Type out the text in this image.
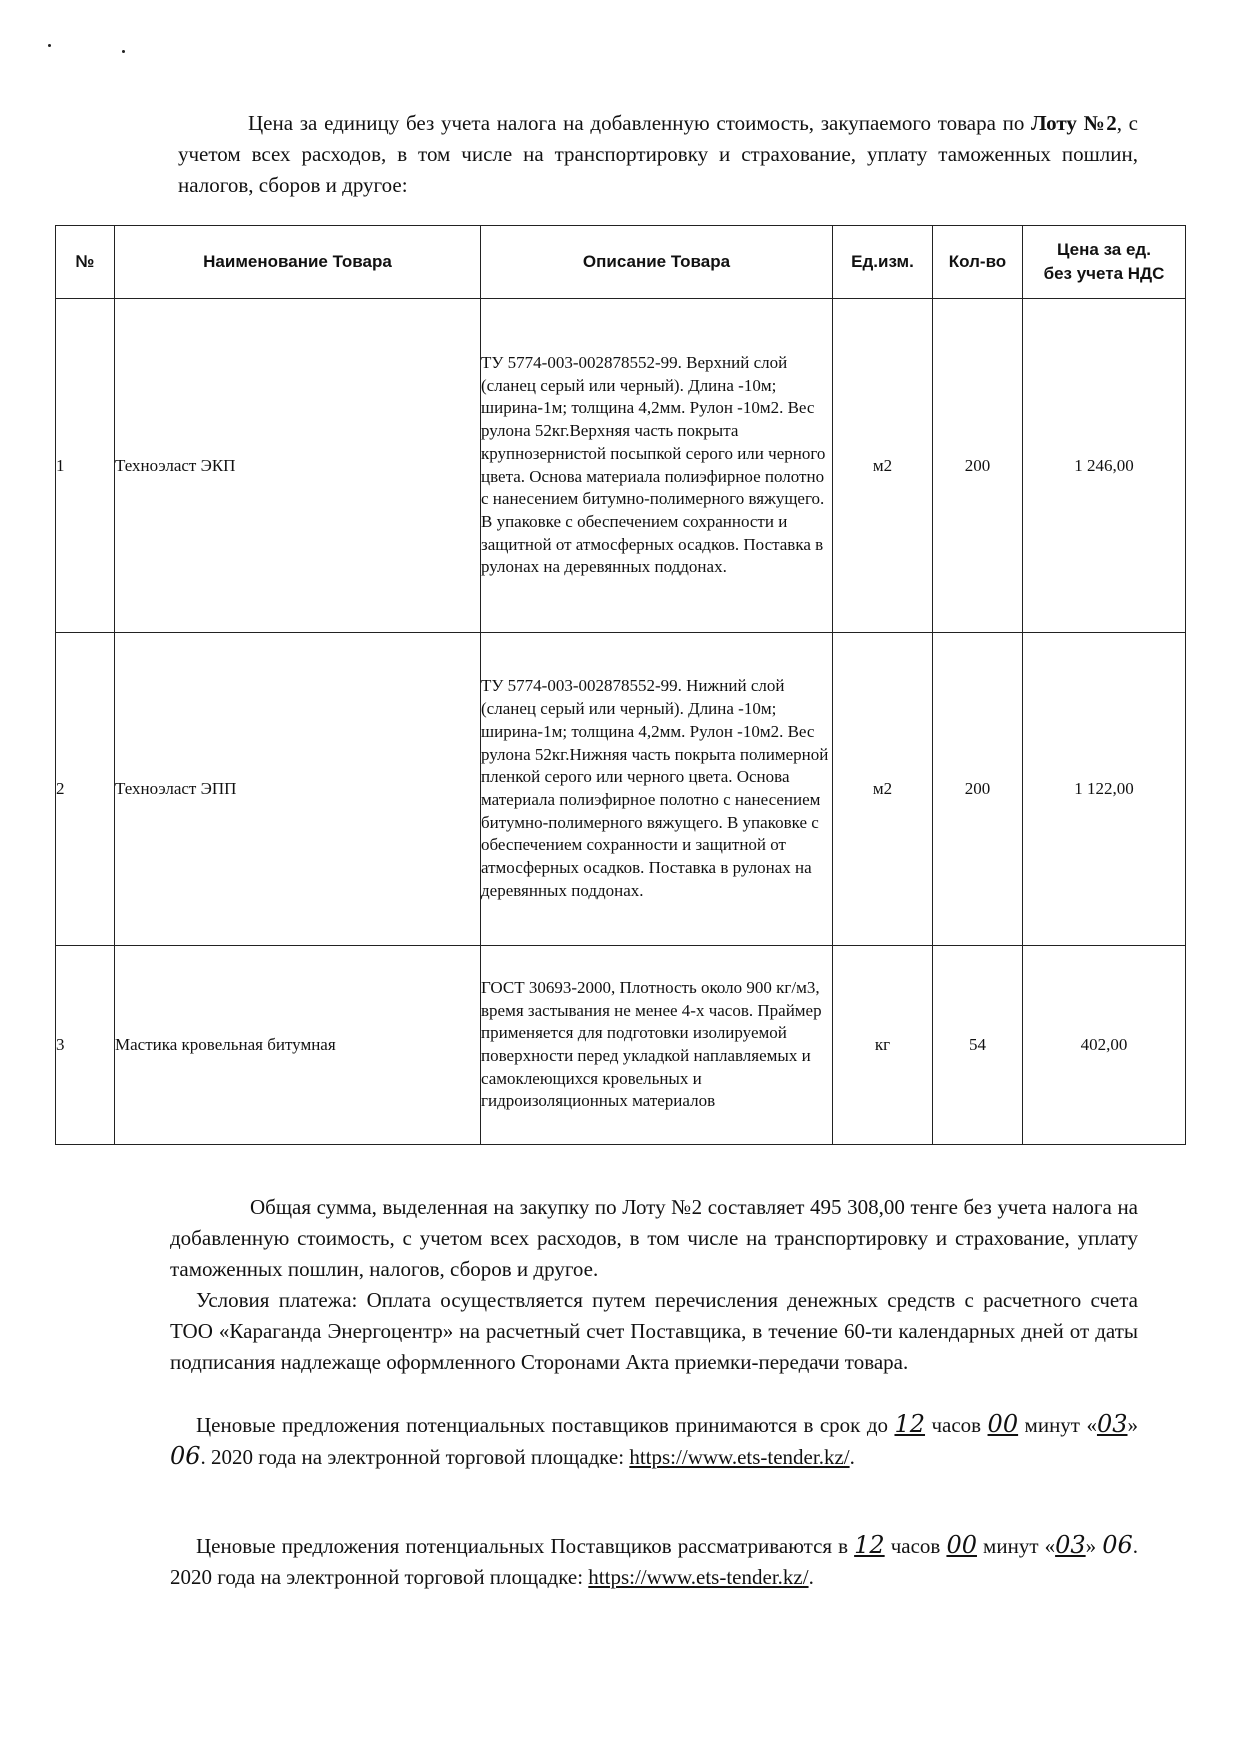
Цена за единицу без учета налога на добавленную стоимость, закупаемого товара по Лоту №2, с учетом всех расходов, в том числе на транспортировку и страхование, уплату таможенных пошлин, налогов, сборов и другое:

№	Наименование Товара	Описание Товара	Ед.изм.	Кол-во	Цена за ед. без учета НДС
1	Техноэласт ЭКП	ТУ 5774-003-002878552-99. Верхний слой (сланец серый или черный). Длина -10м; ширина-1м; толщина 4,2мм. Рулон -10м2. Вес рулона 52кг.Верхняя часть покрыта крупнозернистой посыпкой серого или черного цвета. Основа материала полиэфирное полотно с нанесением битумно-полимерного вяжущего. В упаковке с обеспечением сохранности и защитной от атмосферных осадков. Поставка в рулонах на деревянных поддонах.	м2	200	1 246,00
2	Техноэласт ЭПП	ТУ 5774-003-002878552-99. Нижний слой (сланец серый или черный). Длина -10м; ширина-1м; толщина 4,2мм. Рулон -10м2. Вес рулона 52кг.Нижняя часть покрыта полимерной пленкой серого или черного цвета. Основа материала полиэфирное полотно с нанесением битумно-полимерного вяжущего. В упаковке с обеспечением сохранности и защитной от атмосферных осадков. Поставка в рулонах на деревянных поддонах.	м2	200	1 122,00
3	Мастика кровельная битумная	ГОСТ 30693-2000, Плотность около 900 кг/м3, время застывания не менее 4-х часов. Праймер применяется для подготовки изолируемой поверхности перед укладкой наплавляемых и самоклеющихся кровельных и гидроизоляционных материалов	кг	54	402,00

Общая сумма, выделенная на закупку по Лоту №2 составляет 495 308,00 тенге без учета налога на добавленную стоимость, с учетом всех расходов, в том числе на транспортировку и страхование, уплату таможенных пошлин, налогов, сборов и другое.

Условия платежа: Оплата осуществляется путем перечисления денежных средств с расчетного счета ТОО «Караганда Энергоцентр» на расчетный счет Поставщика, в течение 60-ти календарных дней от даты подписания надлежаще оформленного Сторонами Акта приемки-передачи товара.

Ценовые предложения потенциальных поставщиков принимаются в срок до 12 часов 00 минут «03» 06. 2020 года на электронной торговой площадке: https://www.ets-tender.kz/.

Ценовые предложения потенциальных Поставщиков рассматриваются в 12 часов 00 минут «03» 06. 2020 года на электронной торговой площадке: https://www.ets-tender.kz/.
